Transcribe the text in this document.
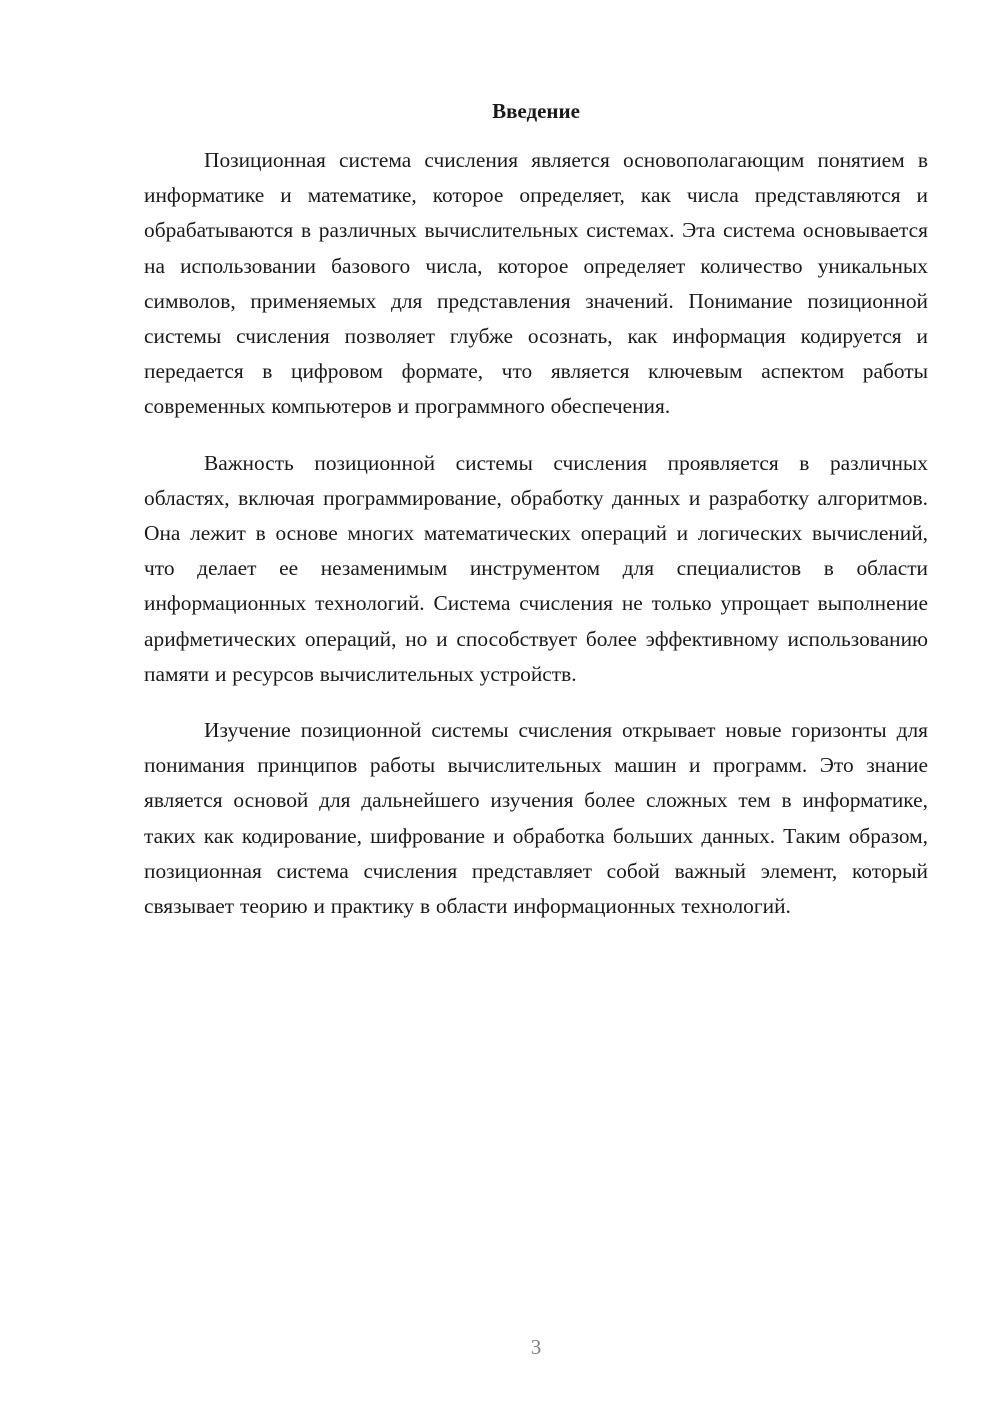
Введение

Позиционная система счисления является основополагающим понятием в информатике и математике, которое определяет, как числа представляются и обрабатываются в различных вычислительных системах. Эта система основывается на использовании базового числа, которое определяет количество уникальных символов, применяемых для представления значений. Понимание позиционной системы счисления позволяет глубже осознать, как информация кодируется и передается в цифровом формате, что является ключевым аспектом работы современных компьютеров и программного обеспечения.

Важность позиционной системы счисления проявляется в различных областях, включая программирование, обработку данных и разработку алгоритмов. Она лежит в основе многих математических операций и логических вычислений, что делает ее незаменимым инструментом для специалистов в области информационных технологий. Система счисления не только упрощает выполнение арифметических операций, но и способствует более эффективному использованию памяти и ресурсов вычислительных устройств.

Изучение позиционной системы счисления открывает новые горизонты для понимания принципов работы вычислительных машин и программ. Это знание является основой для дальнейшего изучения более сложных тем в информатике, таких как кодирование, шифрование и обработка больших данных. Таким образом, позиционная система счисления представляет собой важный элемент, который связывает теорию и практику в области информационных технологий.

3
